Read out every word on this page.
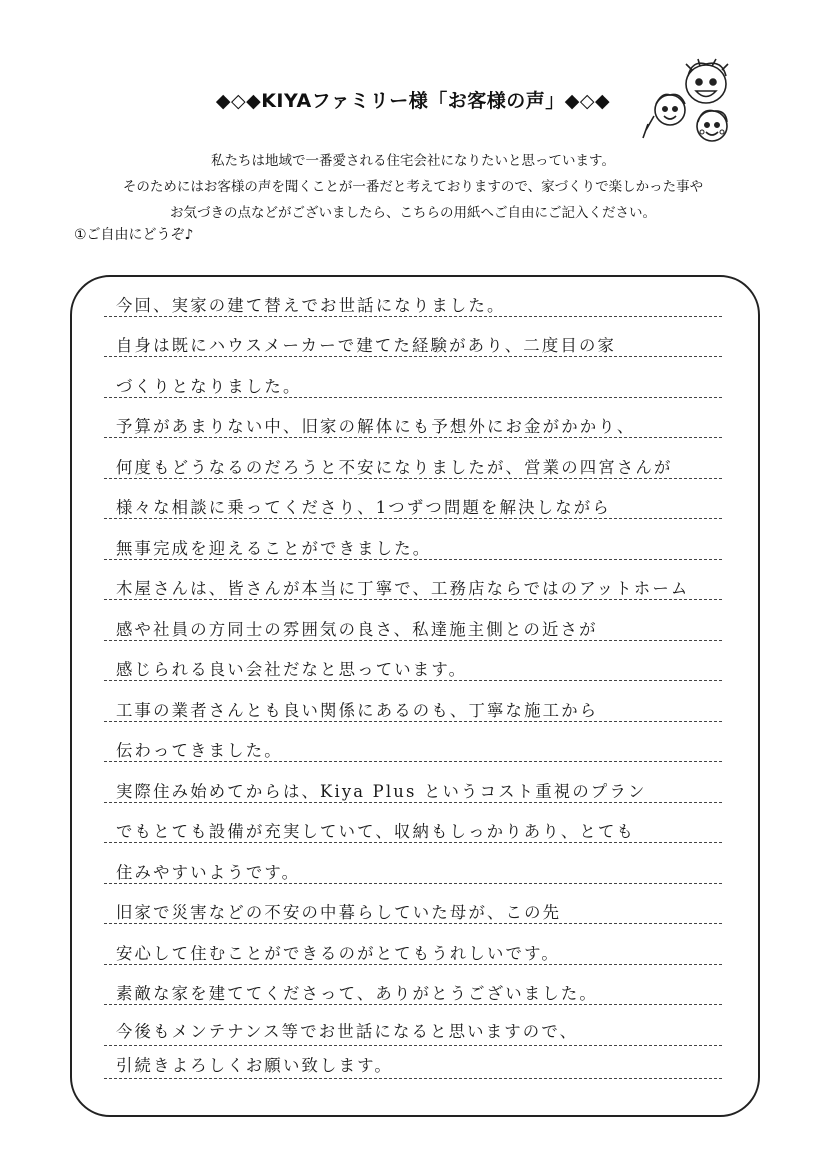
◆◇◆KIYAファミリー様「お客様の声」◆◇◆
私たちは地域で一番愛される住宅会社になりたいと思っています。
そのためにはお客様の声を聞くことが一番だと考えておりますので、家づくりで楽しかった事や
お気づきの点などがございましたら、こちらの用紙へご自由にご記入ください。
①ご自由にどうぞ♪
今回、実家の建て替えでお世話になりました。
自身は既にハウスメーカーで建てた経験があり、二度目の家
づくりとなりました。
予算があまりない中、旧家の解体にも予想外にお金がかかり、
何度もどうなるのだろうと不安になりましたが、営業の四宮さんが
様々な相談に乗ってくださり、1つずつ問題を解決しながら
無事完成を迎えることができました。
木屋さんは、皆さんが本当に丁寧で、工務店ならではのアットホーム
感や社員の方同士の雰囲気の良さ、私達施主側との近さが
感じられる良い会社だなと思っています。
工事の業者さんとも良い関係にあるのも、丁寧な施工から
伝わってきました。
実際住み始めてからは、Kiya Plus というコスト重視のプラン
でもとても設備が充実していて、収納もしっかりあり、とても
住みやすいようです。
旧家で災害などの不安の中暮らしていた母が、この先
安心して住むことができるのがとてもうれしいです。
素敵な家を建ててくださって、ありがとうございました。
今後もメンテナンス等でお世話になると思いますので、
引続きよろしくお願い致します。
